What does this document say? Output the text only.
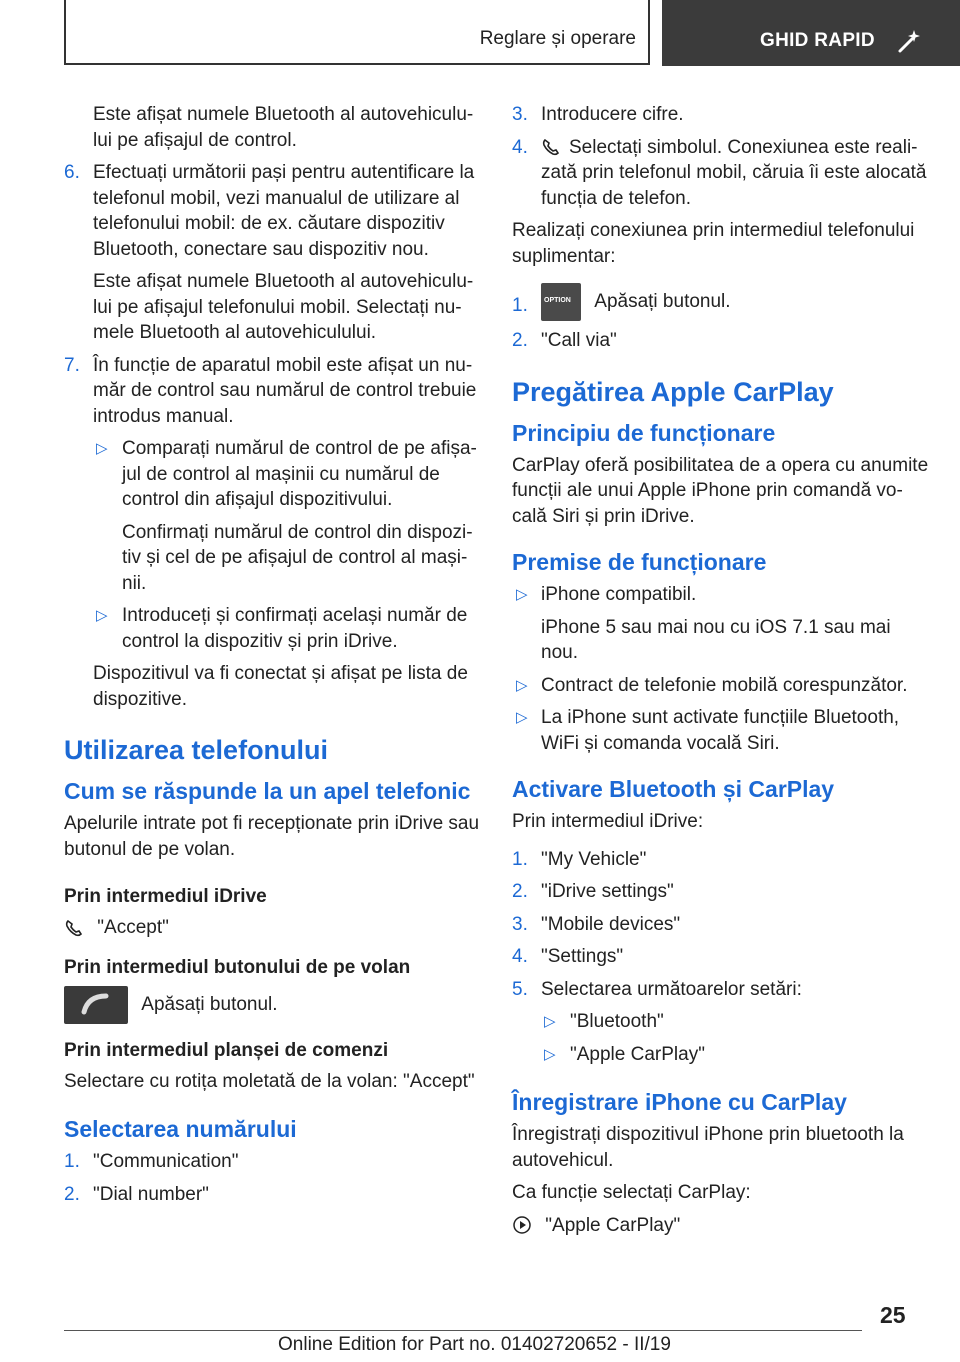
Reglare și operare	GHID RAPID

Este afișat numele Bluetooth al autovehiculu-lui pe afișajul de control.

6. Efectuați următorii pași pentru autentificare la telefonul mobil, vezi manualul de utilizare al telefonului mobil: de ex. căutare dispozitiv Bluetooth, conectare sau dispozitiv nou.

Este afișat numele Bluetooth al autovehiculu-lui pe afișajul telefonului mobil. Selectați nu-mele Bluetooth al autovehiculului.

7. În funcție de aparatul mobil este afișat un nu-măr de control sau numărul de control trebuie introdus manual.
▷ Comparați numărul de control de pe afișa-jul de control al mașinii cu numărul de control din afișajul dispozitivului.

Confirmați numărul de control din dispozi-tiv și cel de pe afișajul de control al mași-nii.

▷ Introduceți și confirmați același număr de control la dispozitiv și prin iDrive.

Dispozitivul va fi conectat și afișat pe lista de dispozitive.

Utilizarea telefonului
Cum se răspunde la un apel telefonic

Apelurile intrate pot fi recepționate prin iDrive sau butonul de pe volan.

Prin intermediul iDrive

"Accept"

Prin intermediul butonului de pe volan

Apăsați butonul.

Prin intermediul planșei de comenzi

Selectare cu rotița moletată de la volan: "Accept"

Selectarea numărului
1. "Communication"
2. "Dial number"
3. Introducere cifre.
4. Selectați simbolul. Conexiunea este reali-zată prin telefonul mobil, căruia îi este alocată funcția de telefon.

Realizați conexiunea prin intermediul telefonului suplimentar:

1. OPTION Apăsați butonul.
2. "Call via"
Pregătirea Apple CarPlay
Principiu de funcționare

CarPlay oferă posibilitatea de a opera cu anumite funcții ale unui Apple iPhone prin comandă vo-cală Siri și prin iDrive.

Premise de funcționare
▷ iPhone compatibil.

iPhone 5 sau mai nou cu iOS 7.1 sau mai nou.

▷ Contract de telefonie mobilă corespunzător.
▷ La iPhone sunt activate funcțiile Bluetooth, WiFi și comanda vocală Siri.
Activare Bluetooth și CarPlay

Prin intermediul iDrive:

1. "My Vehicle"
2. "iDrive settings"
3. "Mobile devices"
4. "Settings"
5. Selectarea următoarelor setări:
▷ "Bluetooth"
▷ "Apple CarPlay"
Înregistrare iPhone cu CarPlay

Înregistrați dispozitivul iPhone prin bluetooth la autovehicul.

Ca funcție selectați CarPlay:

"Apple CarPlay"

25
Online Edition for Part no. 01402720652 - II/19
